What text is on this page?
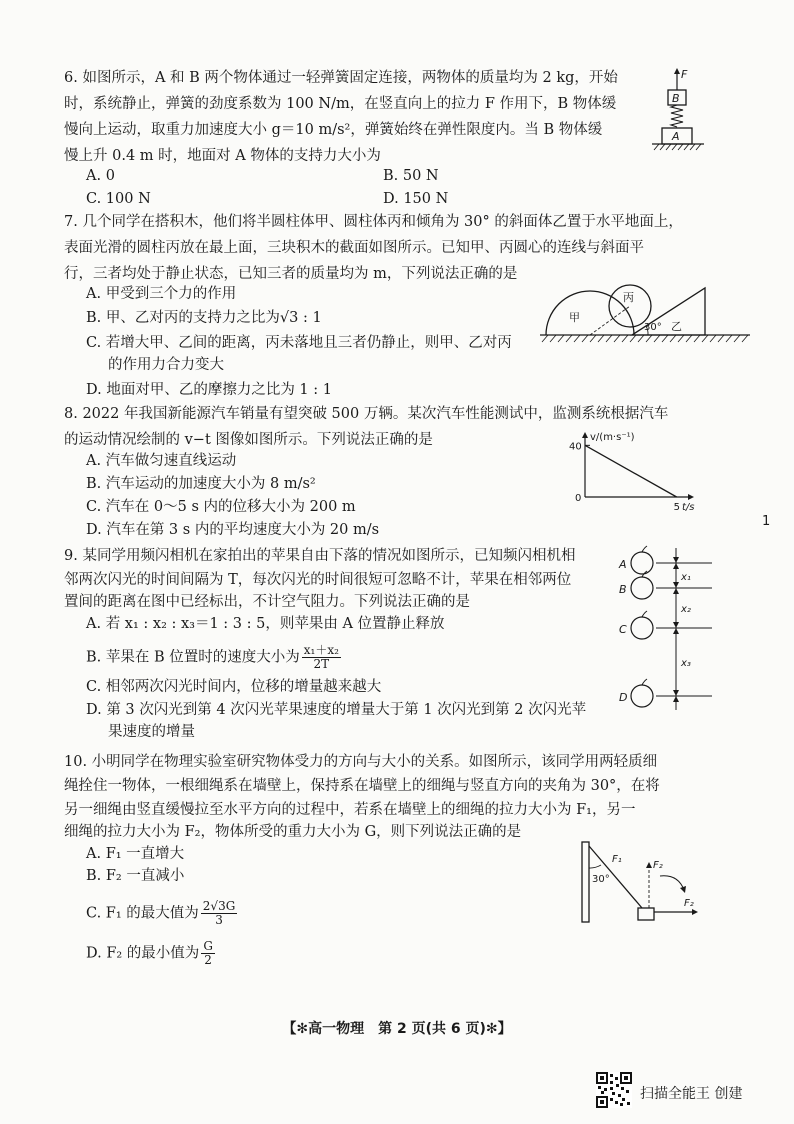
6. 如图所示，A 和 B 两个物体通过一轻弹簧固定连接，两物体的质量均为 2 kg，开始
时，系统静止，弹簧的劲度系数为 100 N/m，在竖直向上的拉力 F 作用下，B 物体缓
慢向上运动，取重力加速度大小 g＝10 m/s²，弹簧始终在弹性限度内。当 B 物体缓
慢上升 0.4 m 时，地面对 A 物体的支持力大小为
A. 0	B. 50 N
C. 100 N	D. 150 N
F
B
A
7. 几个同学在搭积木，他们将半圆柱体甲、圆柱体丙和倾角为 30° 的斜面体乙置于水平地面上，
表面光滑的圆柱丙放在最上面，三块积木的截面如图所示。已知甲、丙圆心的连线与斜面平
行，三者均处于静止状态，已知三者的质量均为 m，下列说法正确的是
A. 甲受到三个力的作用
B. 甲、乙对丙的支持力之比为√3 : 1
C. 若增大甲、乙间的距离，丙未落地且三者仍静止，则甲、乙对丙
的作用力合力变大
D. 地面对甲、乙的摩擦力之比为 1 : 1
甲
丙
30° 乙
8. 2022 年我国新能源汽车销量有望突破 500 万辆。某次汽车性能测试中，监测系统根据汽车
的运动情况绘制的 v−t 图像如图所示。下列说法正确的是
A. 汽车做匀速直线运动
B. 汽车运动的加速度大小为 8 m/s²
C. 汽车在 0～5 s 内的位移大小为 200 m
D. 汽车在第 3 s 内的平均速度大小为 20 m/s
v/(m·s⁻¹)
t/s
0
40
5
9. 某同学用频闪相机在家拍出的苹果自由下落的情况如图所示，已知频闪相机相
邻两次闪光的时间间隔为 T，每次闪光的时间很短可忽略不计，苹果在相邻两位
置间的距离在图中已经标出，不计空气阻力。下列说法正确的是
A. 若 x₁ : x₂ : x₃＝1 : 3 : 5，则苹果由 A 位置静止释放
B. 苹果在 B 位置时的速度大小为 $\frac{\text{x₁＋x₂}}{2T}$
C. 相邻两次闪光时间内，位移的增量越来越大
D. 第 3 次闪光到第 4 次闪光苹果速度的增量大于第 1 次闪光到第 2 次闪光苹
果速度的增量
A
B
C
D
x₁
x₂
x₃
10. 小明同学在物理实验室研究物体受力的方向与大小的关系。如图所示，该同学用两轻质细
绳拴住一物体，一根细绳系在墙壁上，保持系在墙壁上的细绳与竖直方向的夹角为 30°，在将
另一细绳由竖直缓慢拉至水平方向的过程中，若系在墙壁上的细绳的拉力大小为 F₁，另一
细绳的拉力大小为 F₂，物体所受的重力大小为 G，则下列说法正确的是
A. F₁ 一直增大
B. F₂ 一直减小
C. F₁ 的最大值为 $\frac{2√3G}{3}$
D. F₂ 的最小值为 $\frac{G}{2}$
30°
F₁
F₂
F₂
1
【✻高一物理　第 2 页(共 6 页)✻】
扫描全能王 创建
